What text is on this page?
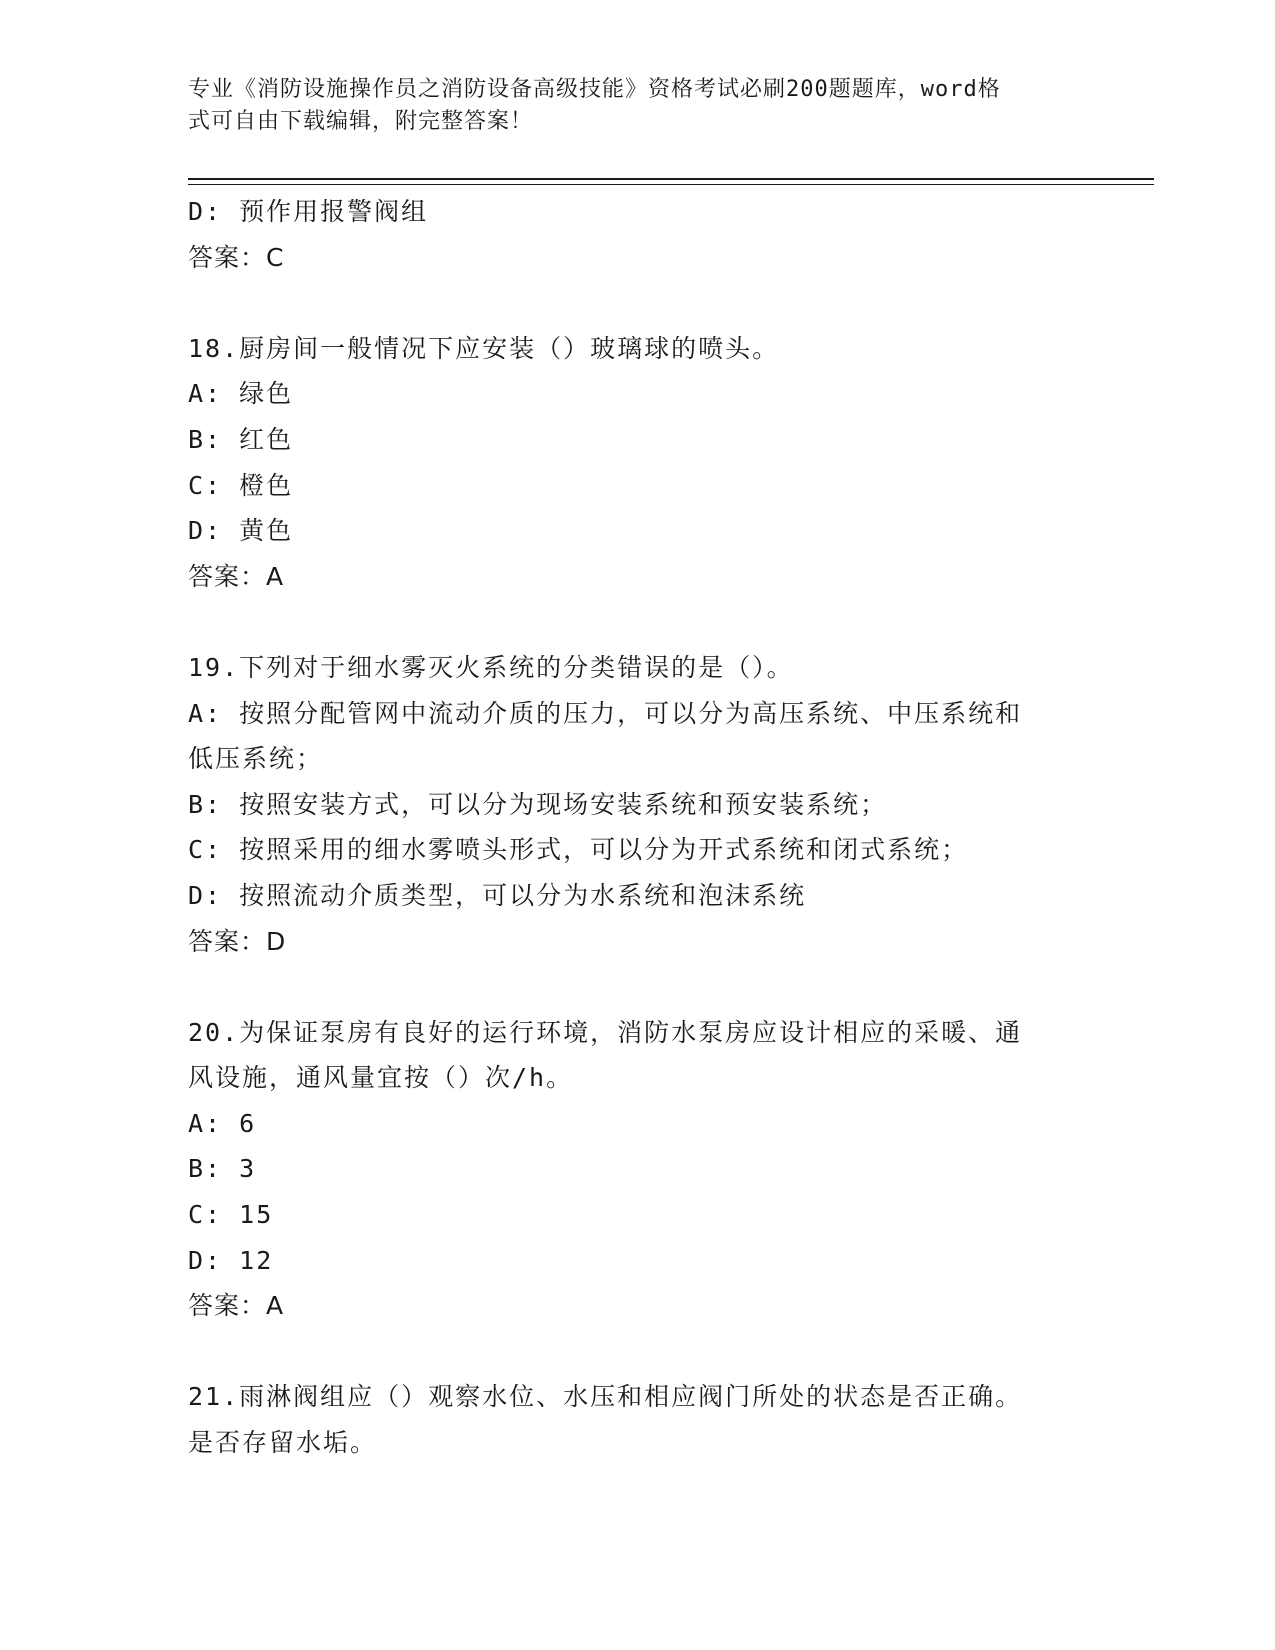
专业《消防设施操作员之消防设备高级技能》资格考试必刷200题题库，word格
式可自由下载编辑，附完整答案！
D: 预作用报警阀组
答案：C
18.厨房间一般情况下应安装（）玻璃球的喷头。
A: 绿色
B: 红色
C: 橙色
D: 黄色
答案：A
19.下列对于细水雾灭火系统的分类错误的是（）。
A: 按照分配管网中流动介质的压力，可以分为高压系统、中压系统和
低压系统；
B: 按照安装方式，可以分为现场安装系统和预安装系统；
C: 按照采用的细水雾喷头形式，可以分为开式系统和闭式系统；
D: 按照流动介质类型，可以分为水系统和泡沫系统
答案：D
20.为保证泵房有良好的运行环境，消防水泵房应设计相应的采暖、通
风设施，通风量宜按（）次/h。
A: 6
B: 3
C: 15
D: 12
答案：A
21.雨淋阀组应（）观察水位、水压和相应阀门所处的状态是否正确。
是否存留水垢。
